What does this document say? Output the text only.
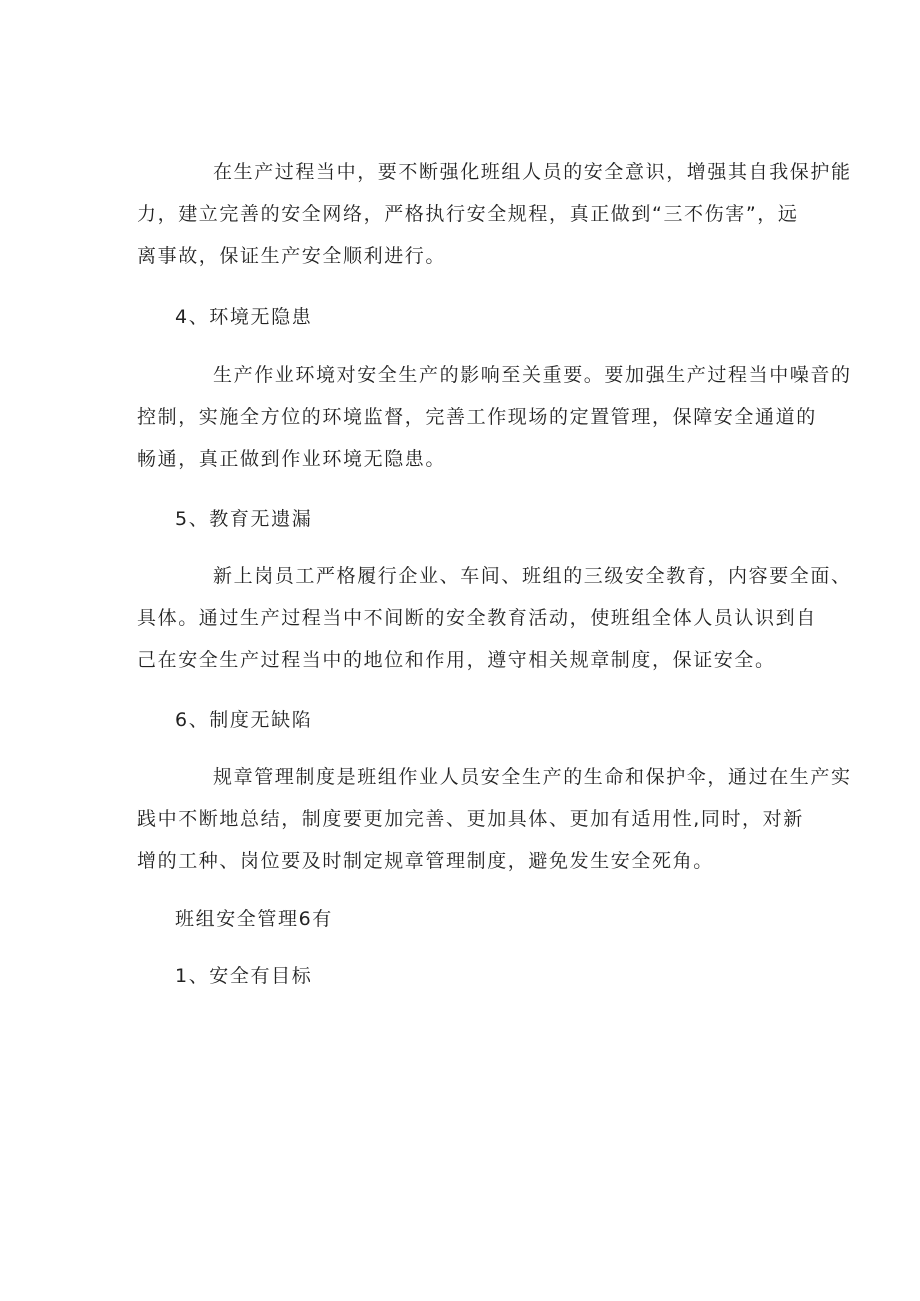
在生产过程当中，要不断强化班组人员的安全意识，增强其自我保护能
力，建立完善的安全网络，严格执行安全规程，真正做到“三不伤害”，远
离事故，保证生产安全顺利进行。

4、环境无隐患

生产作业环境对安全生产的影响至关重要。要加强生产过程当中噪音的
控制，实施全方位的环境监督，完善工作现场的定置管理，保障安全通道的
畅通，真正做到作业环境无隐患。

5、教育无遗漏

新上岗员工严格履行企业、车间、班组的三级安全教育，内容要全面、
具体。通过生产过程当中不间断的安全教育活动，使班组全体人员认识到自
己在安全生产过程当中的地位和作用，遵守相关规章制度，保证安全。

6、制度无缺陷

规章管理制度是班组作业人员安全生产的生命和保护伞，通过在生产实
践中不断地总结，制度要更加完善、更加具体、更加有适用性,同时，对新
增的工种、岗位要及时制定规章管理制度，避免发生安全死角。

班组安全管理6有

1、安全有目标
